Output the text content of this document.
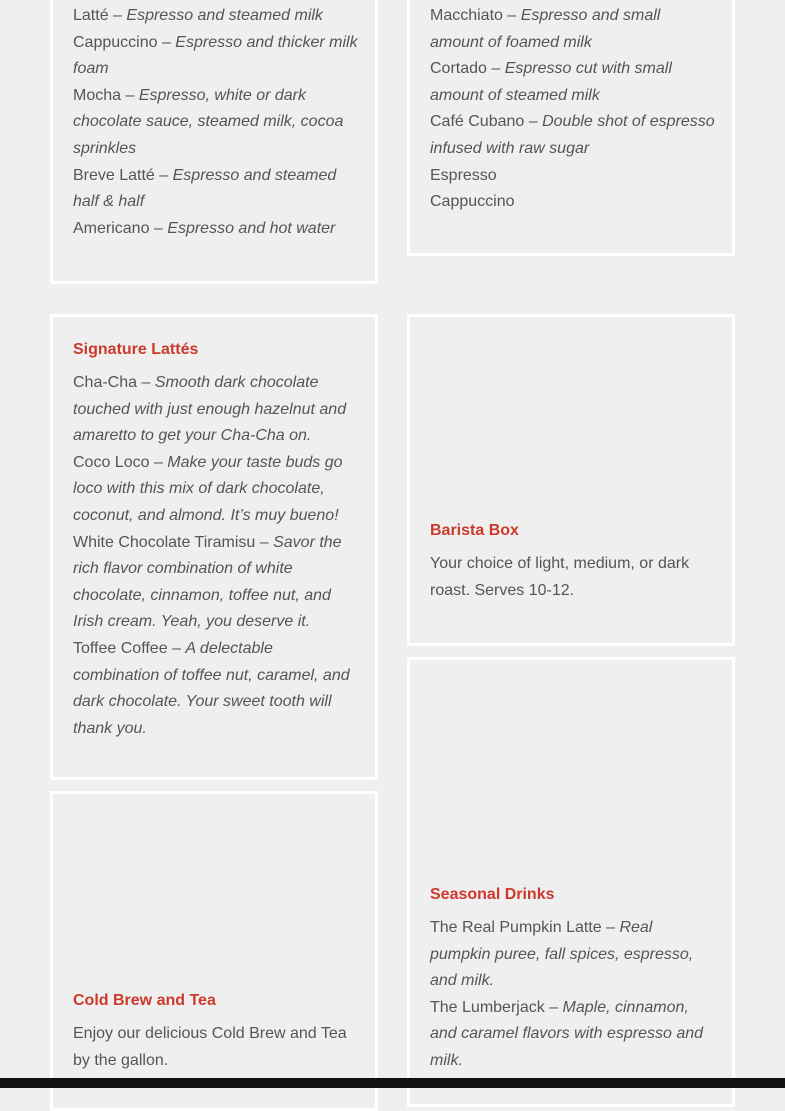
Latté – Espresso and steamed milk

Cappuccino – Espresso and thicker milk foam

Mocha – Espresso, white or dark chocolate sauce, steamed milk, cocoa sprinkles

Breve Latté – Espresso and steamed half & half

Americano – Espresso and hot water

Macchiato – Espresso and small amount of foamed milk

Cortado – Espresso cut with small amount of steamed milk

Café Cubano – Double shot of espresso infused with raw sugar

Espresso

Cappuccino

Signature Lattés

Cha-Cha – Smooth dark chocolate touched with just enough hazelnut and amaretto to get your Cha-Cha on.

Coco Loco – Make your taste buds go loco with this mix of dark chocolate, coconut, and almond. It’s muy bueno!

White Chocolate Tiramisu – Savor the rich flavor combination of white chocolate, cinnamon, toffee nut, and Irish cream. Yeah, you deserve it.

Toffee Coffee – A delectable combination of toffee nut, caramel, and dark chocolate. Your sweet tooth will thank you.

Barista Box

Your choice of light, medium, or dark roast. Serves 10-12.

Seasonal Drinks

The Real Pumpkin Latte – Real pumpkin puree, fall spices, espresso, and milk.

The Lumberjack – Maple, cinnamon, and caramel flavors with espresso and milk.

Cold Brew and Tea

Enjoy our delicious Cold Brew and Tea by the gallon.
